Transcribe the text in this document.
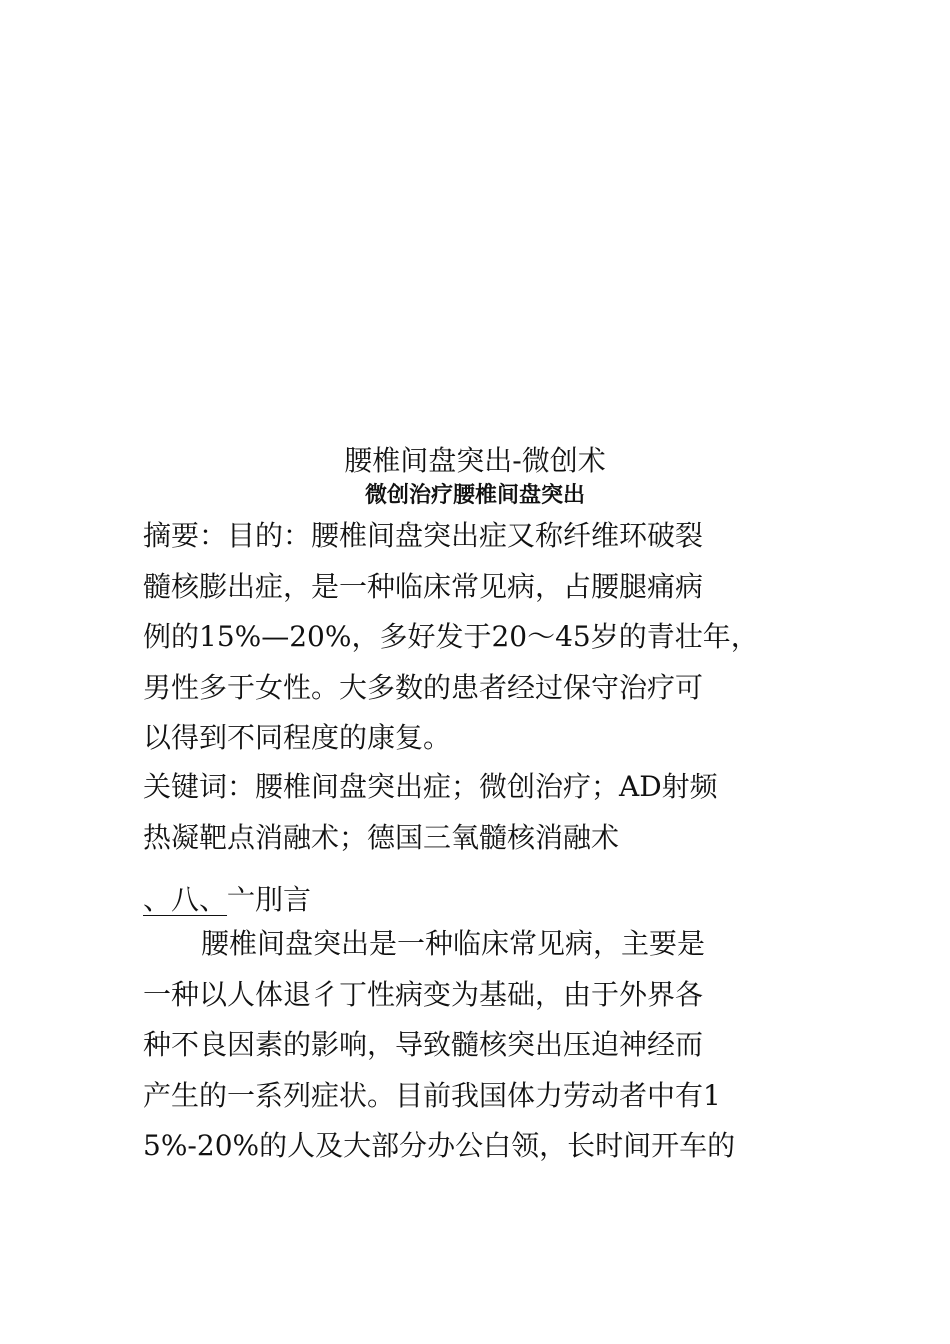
腰椎间盘突出-微创术
微创治疗腰椎间盘突出
摘要：目的：腰椎间盘突出症又称纤维环破裂
髓核膨出症，是一种临床常见病，占腰腿痛病
例的15%—20%，多好发于20～45岁的青壮年，
男性多于女性。大多数的患者经过保守治疗可
以得到不同程度的康复。
关键词：腰椎间盘突出症；微创治疗；AD射频
热凝靶点消融术；德国三氧髓核消融术
、八、亠刖言
腰椎间盘突出是一种临床常见病，主要是
一种以人体退彳丁性病变为基础，由于外界各
种不良因素的影响，导致髓核突出压迫神经而
产生的一系列症状。目前我国体力劳动者中有1
5%-20%的人及大部分办公白领，长时间开车的
